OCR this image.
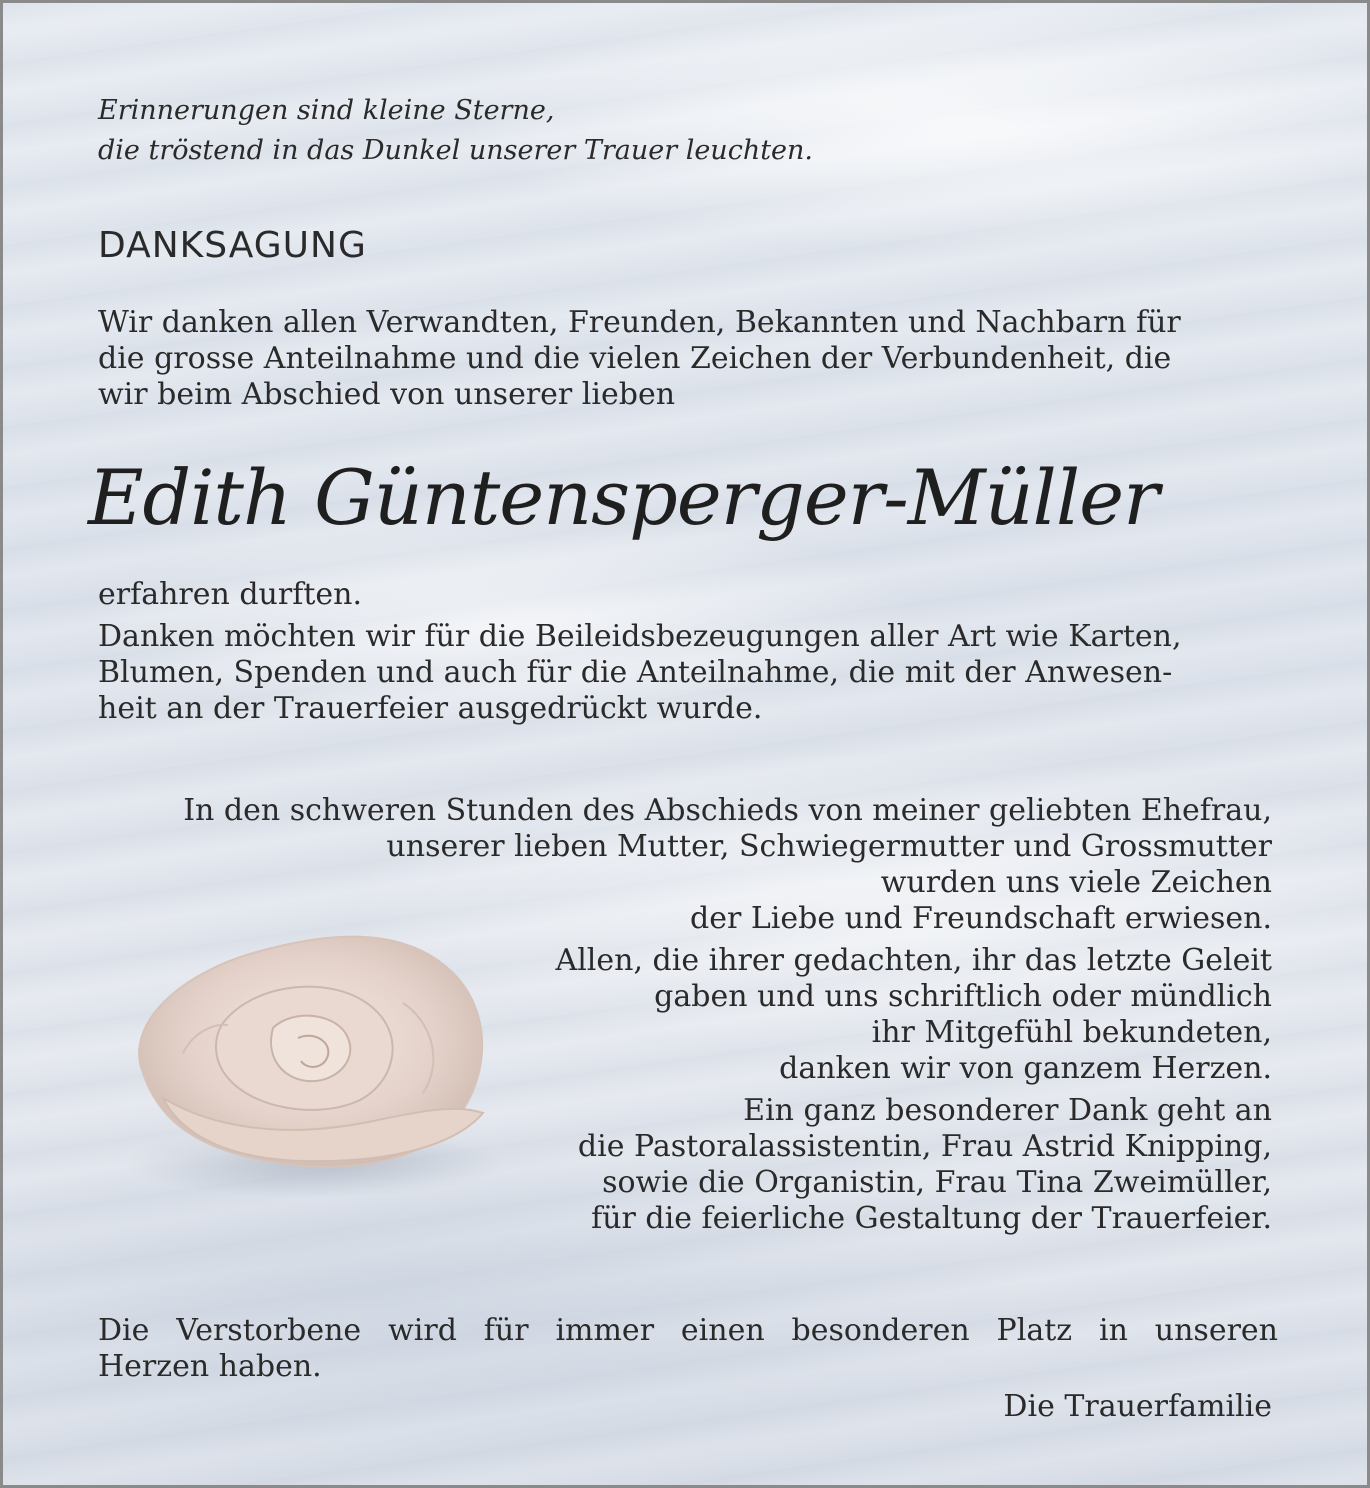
Erinnerungen sind kleine Sterne,
die tröstend in das Dunkel unserer Trauer leuchten.
DANKSAGUNG
Wir danken allen Verwandten, Freunden, Bekannten und Nachbarn für
die grosse Anteilnahme und die vielen Zeichen der Verbundenheit, die
wir beim Abschied von unserer lieben
Edith Güntensperger-Müller
erfahren durften.
Danken möchten wir für die Beileidsbezeugungen aller Art wie Karten,
Blumen, Spenden und auch für die Anteilnahme, die mit der Anwesen-
heit an der Trauerfeier ausgedrückt wurde.
In den schweren Stunden des Abschieds von meiner geliebten Ehefrau,
unserer lieben Mutter, Schwiegermutter und Grossmutter
wurden uns viele Zeichen
der Liebe und Freundschaft erwiesen.
Allen, die ihrer gedachten, ihr das letzte Geleit
gaben und uns schriftlich oder mündlich
ihr Mitgefühl bekundeten,
danken wir von ganzem Herzen.
Ein ganz besonderer Dank geht an
die Pastoralassistentin, Frau Astrid Knipping,
sowie die Organistin, Frau Tina Zweimüller,
für die feierliche Gestaltung der Trauerfeier.
Die Verstorbene wird für immer einen besonderen Platz in unseren
Herzen haben.
Die Trauerfamilie
